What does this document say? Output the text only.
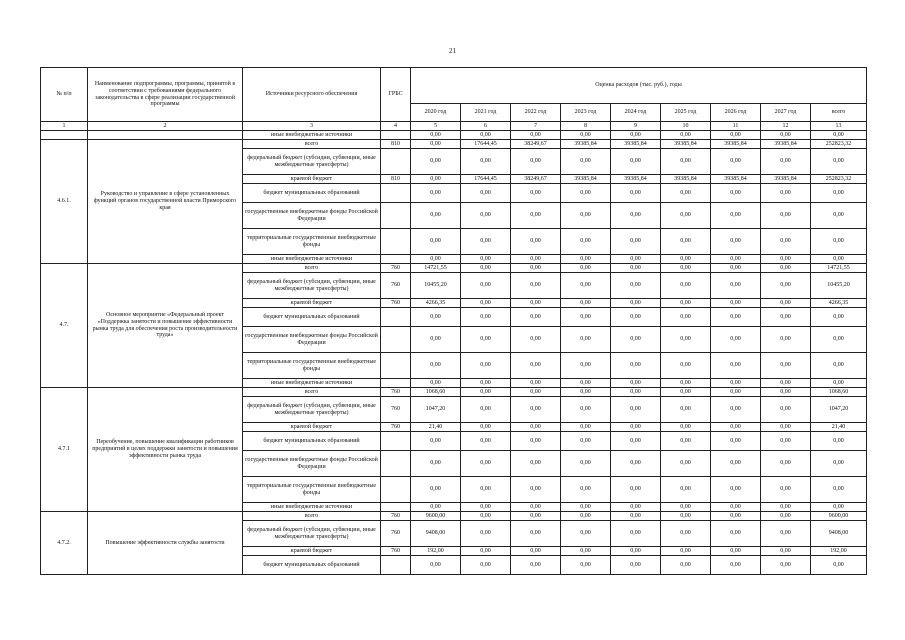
21
№ п/п	Наименование подпрограммы, программы, принятой в соответствии с требованиями федерального законодательства в сфере реализации государственной программы	Источники ресурсного обеспечения	ГРБС	Оценка расходов (тыс. руб.), годы								
				2020 год	2021 год	2022 год	2023 год	2024 год	2025 год	2026 год	2027 год	всего
1	2	3	4	5	6	7	8	9	10	11	12	13
		иные внебюджетные источники		0,00	0,00	0,00	0,00	0,00	0,00	0,00	0,00	0,00
4.6.1.	Руководство и управление в сфере установленных функций органов государственной власти Приморского края	всего	810	0,00	17644,45	38249,67	39385,84	39385,84	39385,84	39385,84	39385,84	252823,32
		федеральный бюджет (субсидии, субвенции, иные межбюджетные трансферты)		0,00	0,00	0,00	0,00	0,00	0,00	0,00	0,00	0,00
		краевой бюджет	810	0,00	17644,45	38249,67	39385,84	39385,84	39385,84	39385,84	39385,84	252823,32
		бюджет муниципальных образований		0,00	0,00	0,00	0,00	0,00	0,00	0,00	0,00	0,00
		государственные внебюджетные фонды Российской Федерации		0,00	0,00	0,00	0,00	0,00	0,00	0,00	0,00	0,00
		территориальные государственные внебюджетные фонды		0,00	0,00	0,00	0,00	0,00	0,00	0,00	0,00	0,00
		иные внебюджетные источники		0,00	0,00	0,00	0,00	0,00	0,00	0,00	0,00	0,00
4.7.	Основное мероприятие «Федеральный проект «Поддержка занятости и повышение эффективности рынка труда для обеспечения роста производительности труда»	всего	760	14721,55	0,00	0,00	0,00	0,00	0,00	0,00	0,00	14721,55
		федеральный бюджет (субсидии, субвенции, иные межбюджетные трансферты)	760	10455,20	0,00	0,00	0,00	0,00	0,00	0,00	0,00	10455,20
		краевой бюджет	760	4266,35	0,00	0,00	0,00	0,00	0,00	0,00	0,00	4266,35
		бюджет муниципальных образований		0,00	0,00	0,00	0,00	0,00	0,00	0,00	0,00	0,00
		государственные внебюджетные фонды Российской Федерации		0,00	0,00	0,00	0,00	0,00	0,00	0,00	0,00	0,00
		территориальные государственные внебюджетные фонды		0,00	0,00	0,00	0,00	0,00	0,00	0,00	0,00	0,00
		иные внебюджетные источники		0,00	0,00	0,00	0,00	0,00	0,00	0,00	0,00	0,00
4.7.1	Переобучение, повышение квалификации работников предприятий в целях поддержки занятости и повышения эффективности рынка труда	всего	760	1068,60	0,00	0,00	0,00	0,00	0,00	0,00	0,00	1068,60
		федеральный бюджет (субсидии, субвенции, иные межбюджетные трансферты)	760	1047,20	0,00	0,00	0,00	0,00	0,00	0,00	0,00	1047,20
		краевой бюджет	760	21,40	0,00	0,00	0,00	0,00	0,00	0,00	0,00	21,40
		бюджет муниципальных образований		0,00	0,00	0,00	0,00	0,00	0,00	0,00	0,00	0,00
		государственные внебюджетные фонды Российской Федерации		0,00	0,00	0,00	0,00	0,00	0,00	0,00	0,00	0,00
		территориальные государственные внебюджетные фонды		0,00	0,00	0,00	0,00	0,00	0,00	0,00	0,00	0,00
		иные внебюджетные источники		0,00	0,00	0,00	0,00	0,00	0,00	0,00	0,00	0,00
4.7.2.	Повышение эффективности службы занятости	всего	760	9600,00	0,00	0,00	0,00	0,00	0,00	0,00	0,00	9600,00
		федеральный бюджет (субсидии, субвенции, иные межбюджетные трансферты)	760	9408,00	0,00	0,00	0,00	0,00	0,00	0,00	0,00	9408,00
		краевой бюджет	760	192,00	0,00	0,00	0,00	0,00	0,00	0,00	0,00	192,00
		бюджет муниципальных образований		0,00	0,00	0,00	0,00	0,00	0,00	0,00	0,00	0,00
